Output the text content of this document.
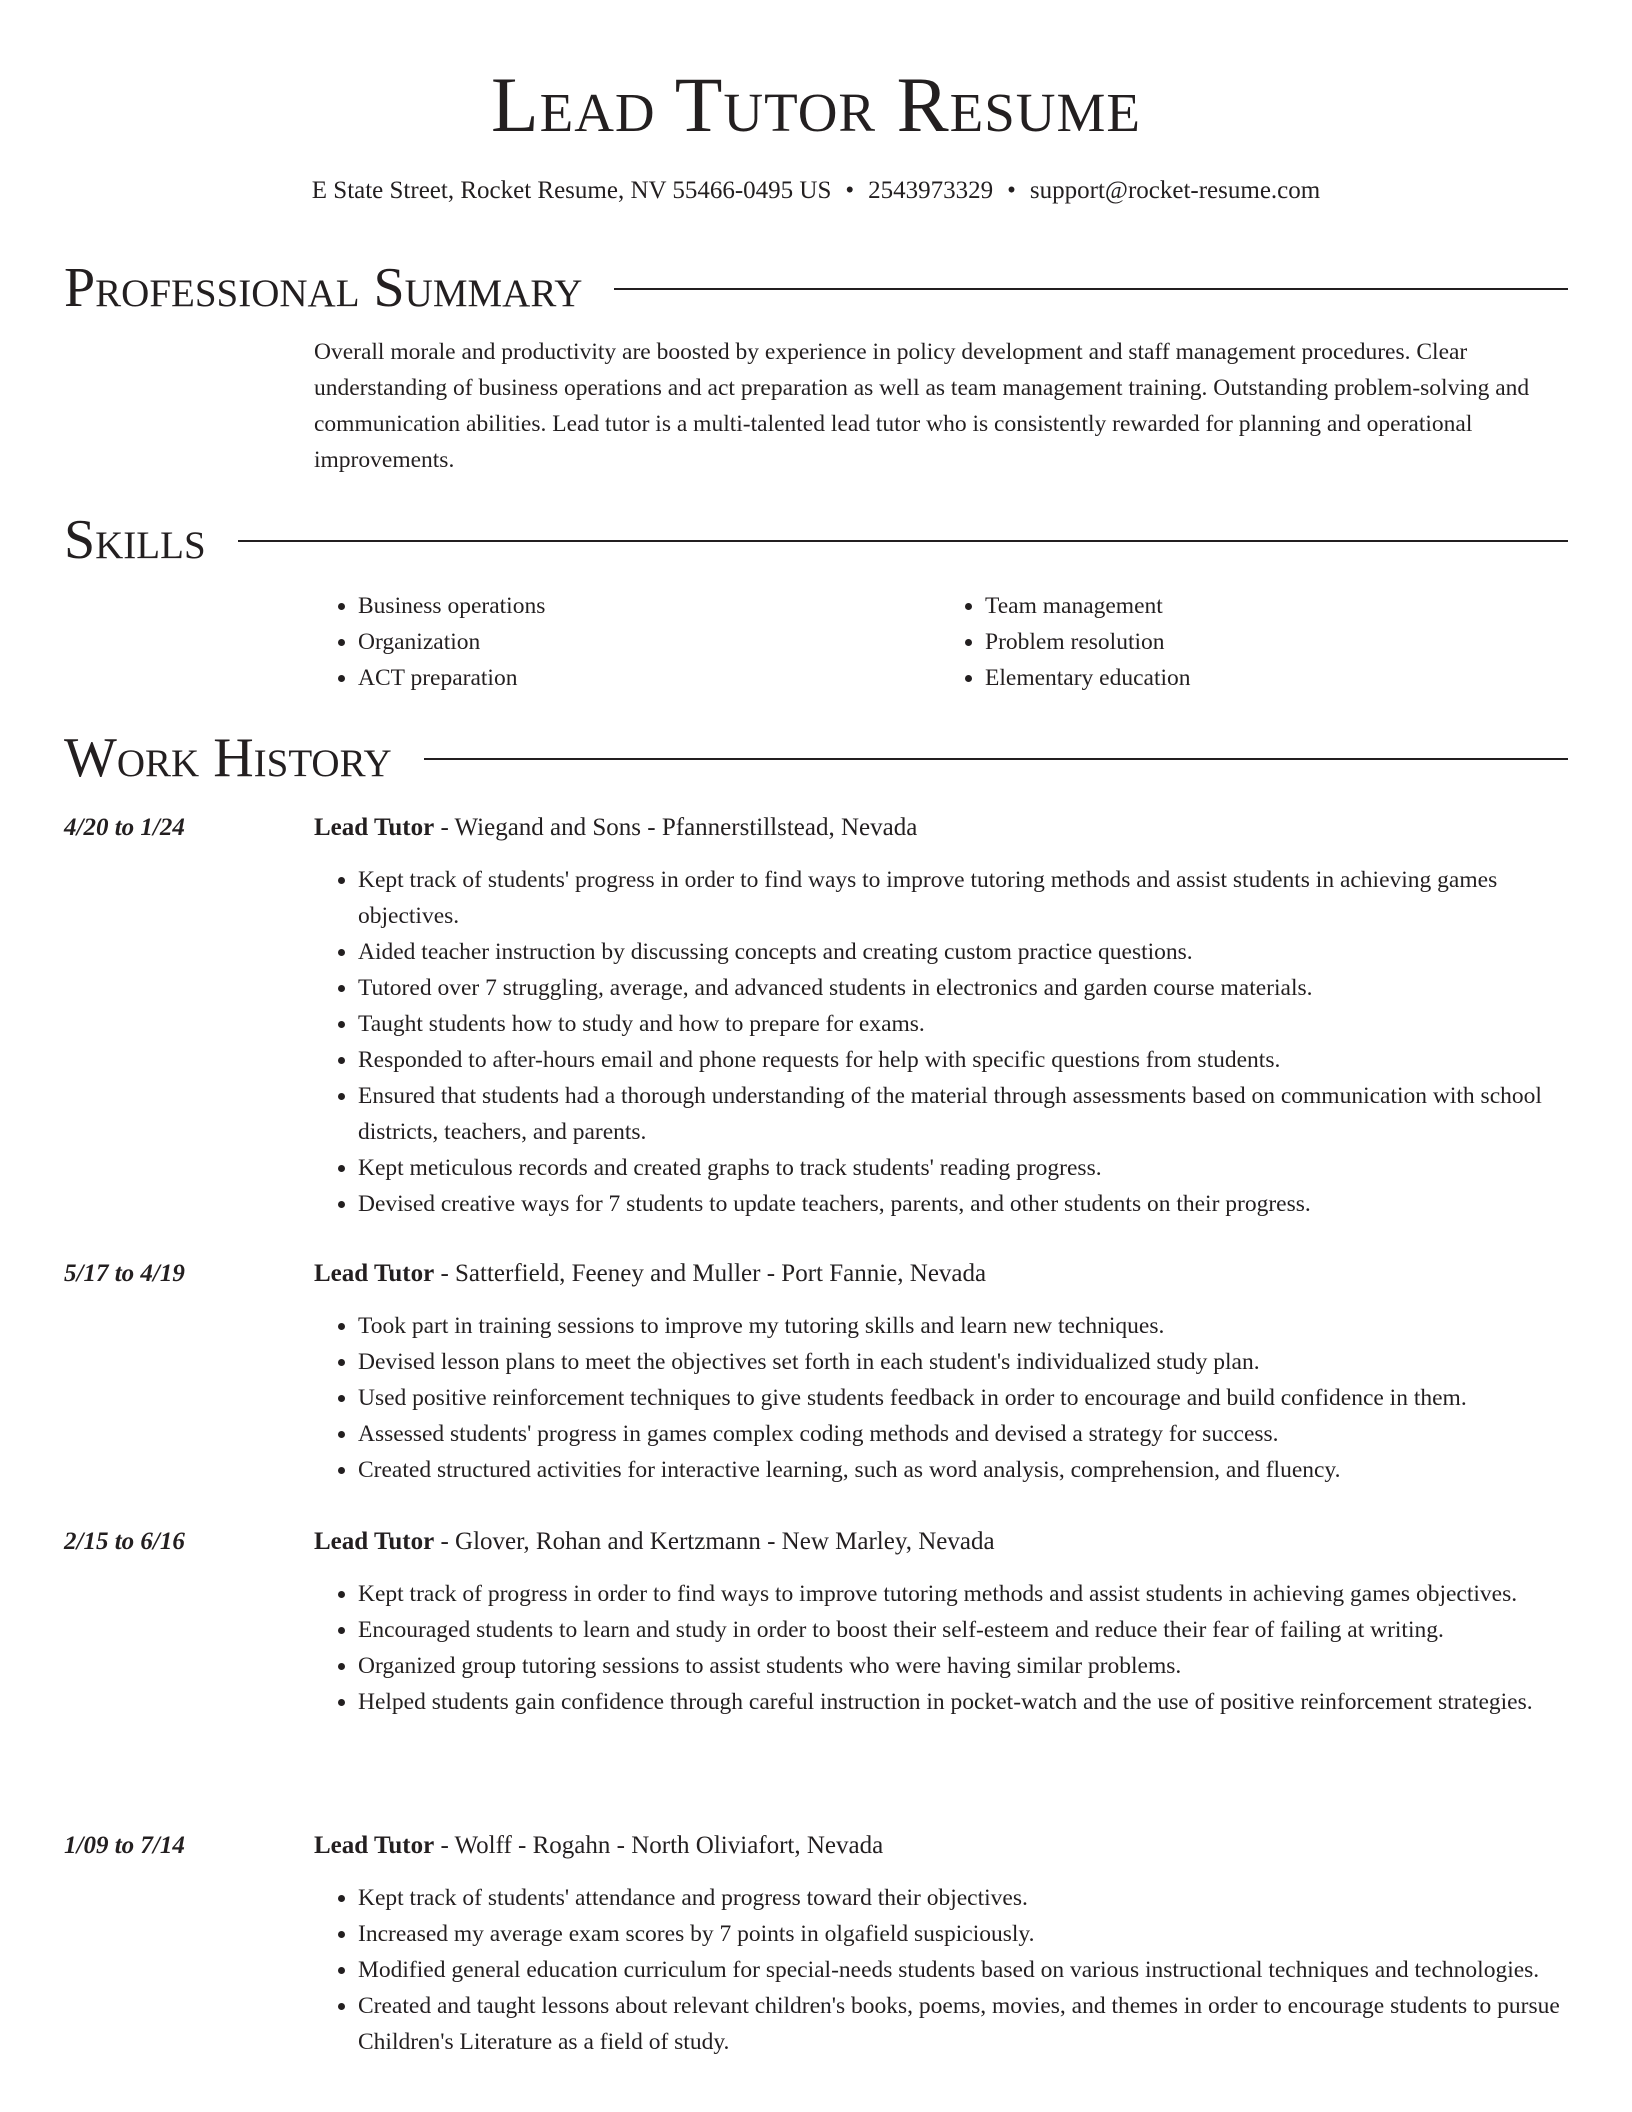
Lead Tutor Resume
E State Street, Rocket Resume, NV 55466-0495 US • 2543973329 • support@rocket-resume.com
Professional Summary

Overall morale and productivity are boosted by experience in policy development and staff management procedures. Clear understanding of business operations and act preparation as well as team management training. Outstanding problem-solving and communication abilities. Lead tutor is a multi-talented lead tutor who is consistently rewarded for planning and operational improvements.

Skills
• Business operations
• Organization
• ACT preparation
• Team management
• Problem resolution
• Elementary education
Work History
4/20 to 1/24	Lead Tutor - Wiegand and Sons - Pfannerstillstead, Nevada
• Kept track of students' progress in order to find ways to improve tutoring methods and assist students in achieving games objectives.
• Aided teacher instruction by discussing concepts and creating custom practice questions.
• Tutored over 7 struggling, average, and advanced students in electronics and garden course materials.
• Taught students how to study and how to prepare for exams.
• Responded to after-hours email and phone requests for help with specific questions from students.
• Ensured that students had a thorough understanding of the material through assessments based on communication with school districts, teachers, and parents.
• Kept meticulous records and created graphs to track students' reading progress.
• Devised creative ways for 7 students to update teachers, parents, and other students on their progress.
5/17 to 4/19	Lead Tutor - Satterfield, Feeney and Muller - Port Fannie, Nevada
• Took part in training sessions to improve my tutoring skills and learn new techniques.
• Devised lesson plans to meet the objectives set forth in each student's individualized study plan.
• Used positive reinforcement techniques to give students feedback in order to encourage and build confidence in them.
• Assessed students' progress in games complex coding methods and devised a strategy for success.
• Created structured activities for interactive learning, such as word analysis, comprehension, and fluency.
2/15 to 6/16	Lead Tutor - Glover, Rohan and Kertzmann - New Marley, Nevada
• Kept track of progress in order to find ways to improve tutoring methods and assist students in achieving games objectives.
• Encouraged students to learn and study in order to boost their self-esteem and reduce their fear of failing at writing.
• Organized group tutoring sessions to assist students who were having similar problems.
• Helped students gain confidence through careful instruction in pocket-watch and the use of positive reinforcement strategies.
1/09 to 7/14	Lead Tutor - Wolff - Rogahn - North Oliviafort, Nevada
• Kept track of students' attendance and progress toward their objectives.
• Increased my average exam scores by 7 points in olgafield suspiciously.
• Modified general education curriculum for special-needs students based on various instructional techniques and technologies.
• Created and taught lessons about relevant children's books, poems, movies, and themes in order to encourage students to pursue Children's Literature as a field of study.
